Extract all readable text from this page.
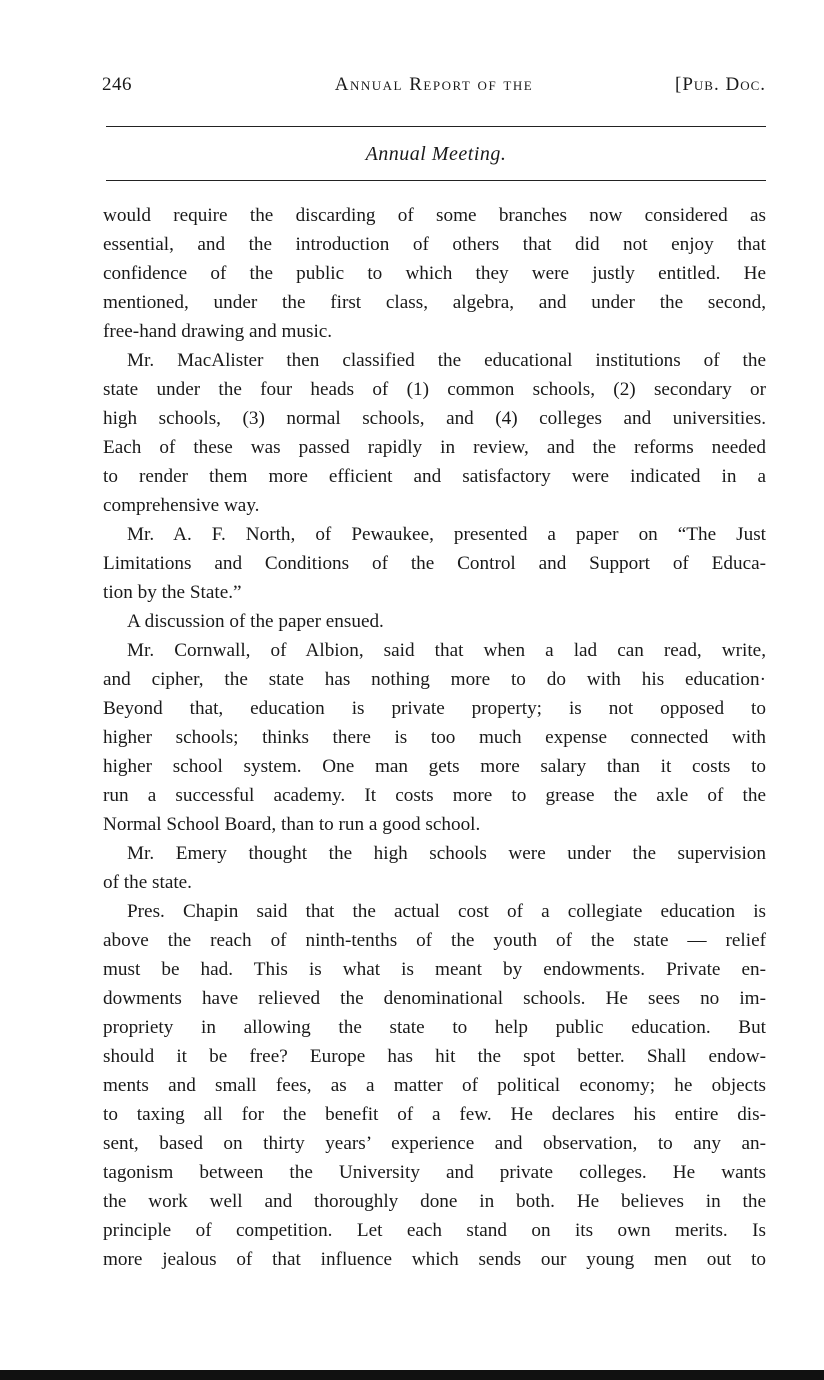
246	Annual Report of the	[Pub. Doc.
Annual Meeting.

would require the discarding of some branches now considered as

essential, and the introduction of others that did not enjoy that

confidence of the public to which they were justly entitled. He

mentioned, under the first class, algebra, and under the second,

free-hand drawing and music.

Mr. MacAlister then classified the educational institutions of the

state under the four heads of (1) common schools, (2) secondary or

high schools, (3) normal schools, and (4) colleges and universities.

Each of these was passed rapidly in review, and the reforms needed

to render them more efficient and satisfactory were indicated in a

comprehensive way.

Mr. A. F. North, of Pewaukee, presented a paper on “The Just

Limitations and Conditions of the Control and Support of Educa-

tion by the State.”

A discussion of the paper ensued.

Mr. Cornwall, of Albion, said that when a lad can read, write,

and cipher, the state has nothing more to do with his education·

Beyond that, education is private property; is not opposed to

higher schools; thinks there is too much expense connected with

higher school system. One man gets more salary than it costs to

run a successful academy. It costs more to grease the axle of the

Normal School Board, than to run a good school.

Mr. Emery thought the high schools were under the supervision

of the state.

Pres. Chapin said that the actual cost of a collegiate education is

above the reach of ninth-tenths of the youth of the state — relief

must be had. This is what is meant by endowments. Private en-

dowments have relieved the denominational schools. He sees no im-

propriety in allowing the state to help public education. But

should it be free? Europe has hit the spot better. Shall endow-

ments and small fees, as a matter of political economy; he objects

to taxing all for the benefit of a few. He declares his entire dis-

sent, based on thirty years’ experience and observation, to any an-

tagonism between the University and private colleges. He wants

the work well and thoroughly done in both. He believes in the

principle of competition. Let each stand on its own merits. Is

more jealous of that influence which sends our young men out to
